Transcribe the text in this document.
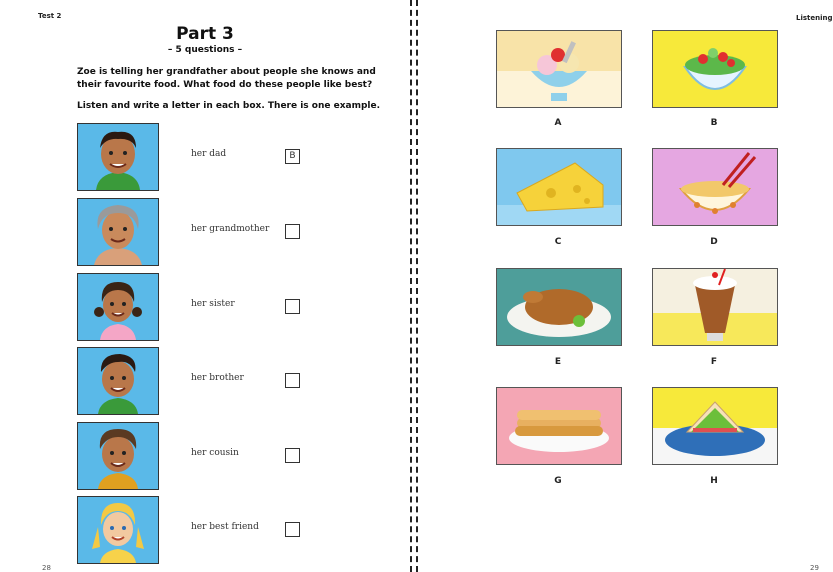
Test 2
Part 3
– 5 questions –
Zoe is telling her grandfather about people she knows and their favourite food. What food do these people like best?
Listen and write a letter in each box. There is one example.
her dad	B
her grandmother
her sister
her brother
her cousin
her best friend
28
Listening
A	B
C	D
E	F
G	H
29
